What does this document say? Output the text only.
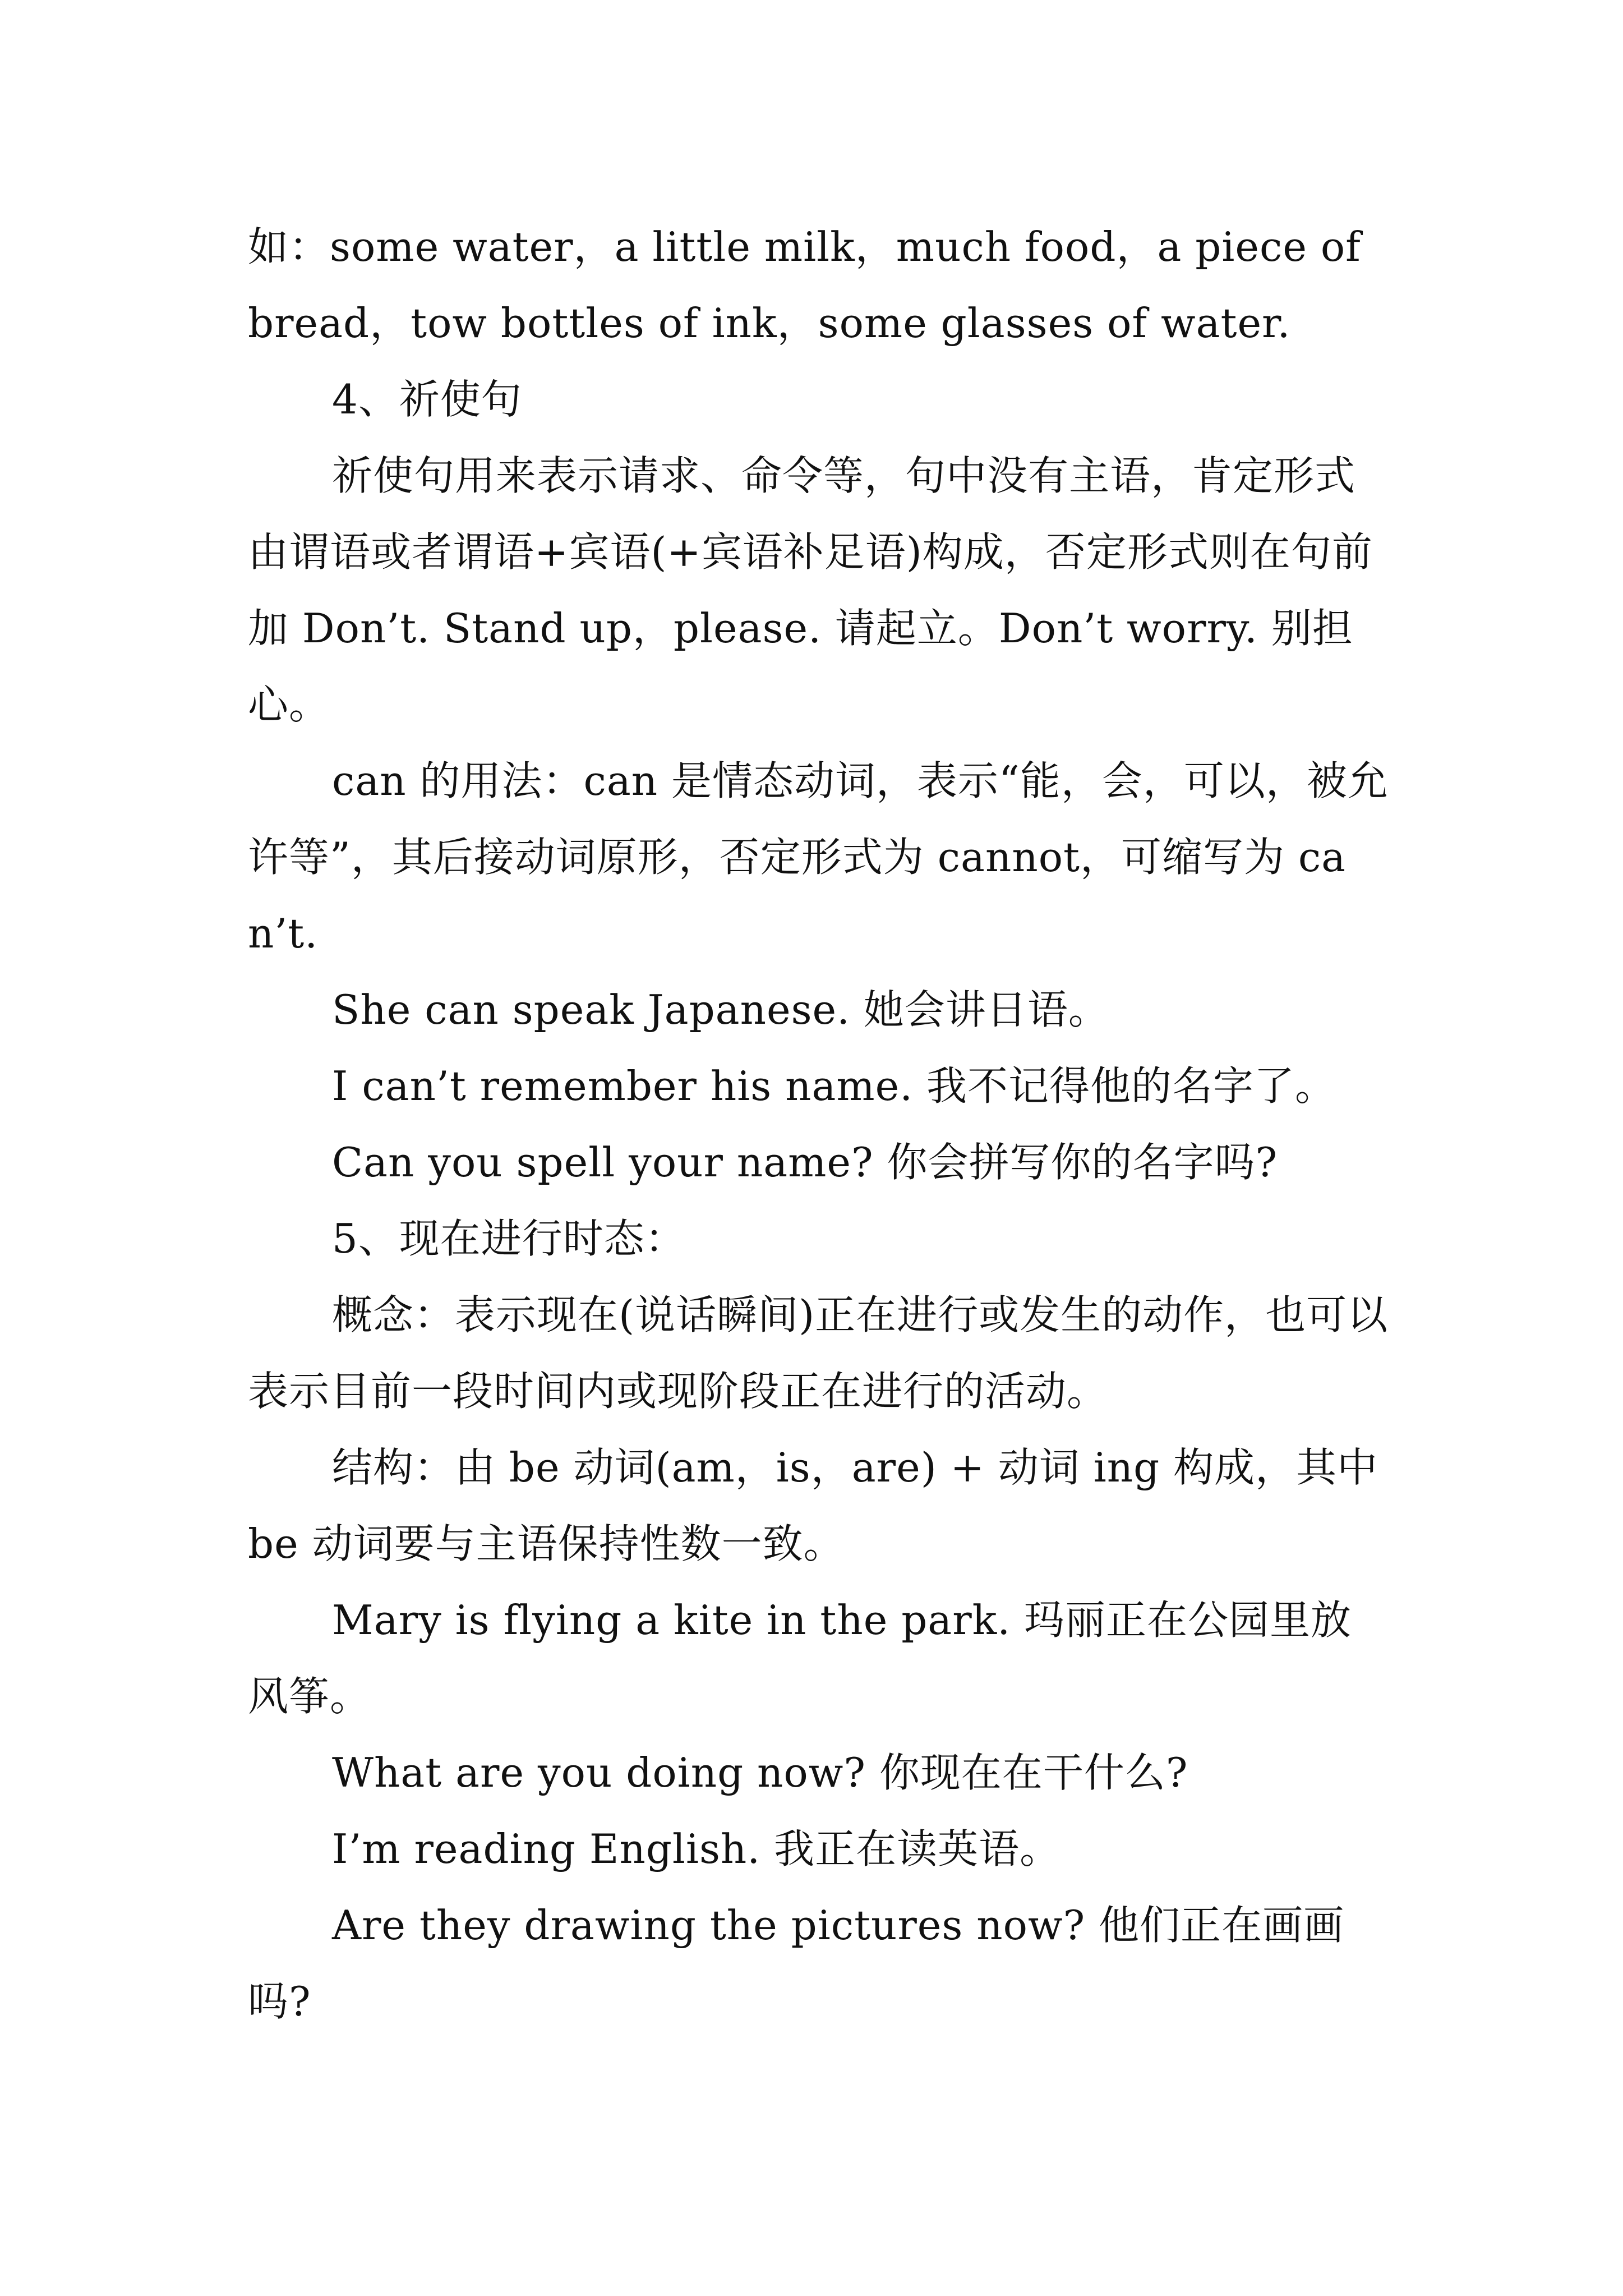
如：some water，a little milk，much food，a piece of bread，tow bottles of ink，some glasses of water.

4、祈使句

祈使句用来表示请求、命令等，句中没有主语，肯定形式由谓语或者谓语+宾语(+宾语补足语)构成，否定形式则在句前加 Don’t. Stand up，please. 请起立。Don’t worry. 别担心。

can 的用法：can 是情态动词，表示“能，会，可以，被允许等”，其后接动词原形，否定形式为 cannot，可缩写为 can’t.

She can speak Japanese. 她会讲日语。

I can’t remember his name. 我不记得他的名字了。

Can you spell your name? 你会拼写你的名字吗?

5、现在进行时态：

概念：表示现在(说话瞬间)正在进行或发生的动作，也可以表示目前一段时间内或现阶段正在进行的活动。

结构：由 be 动词(am，is，are) + 动词 ing 构成，其中 be 动词要与主语保持性数一致。

Mary is flying a kite in the park. 玛丽正在公园里放风筝。

What are you doing now? 你现在在干什么?

I’m reading English. 我正在读英语。

Are they drawing the pictures now? 他们正在画画吗?
